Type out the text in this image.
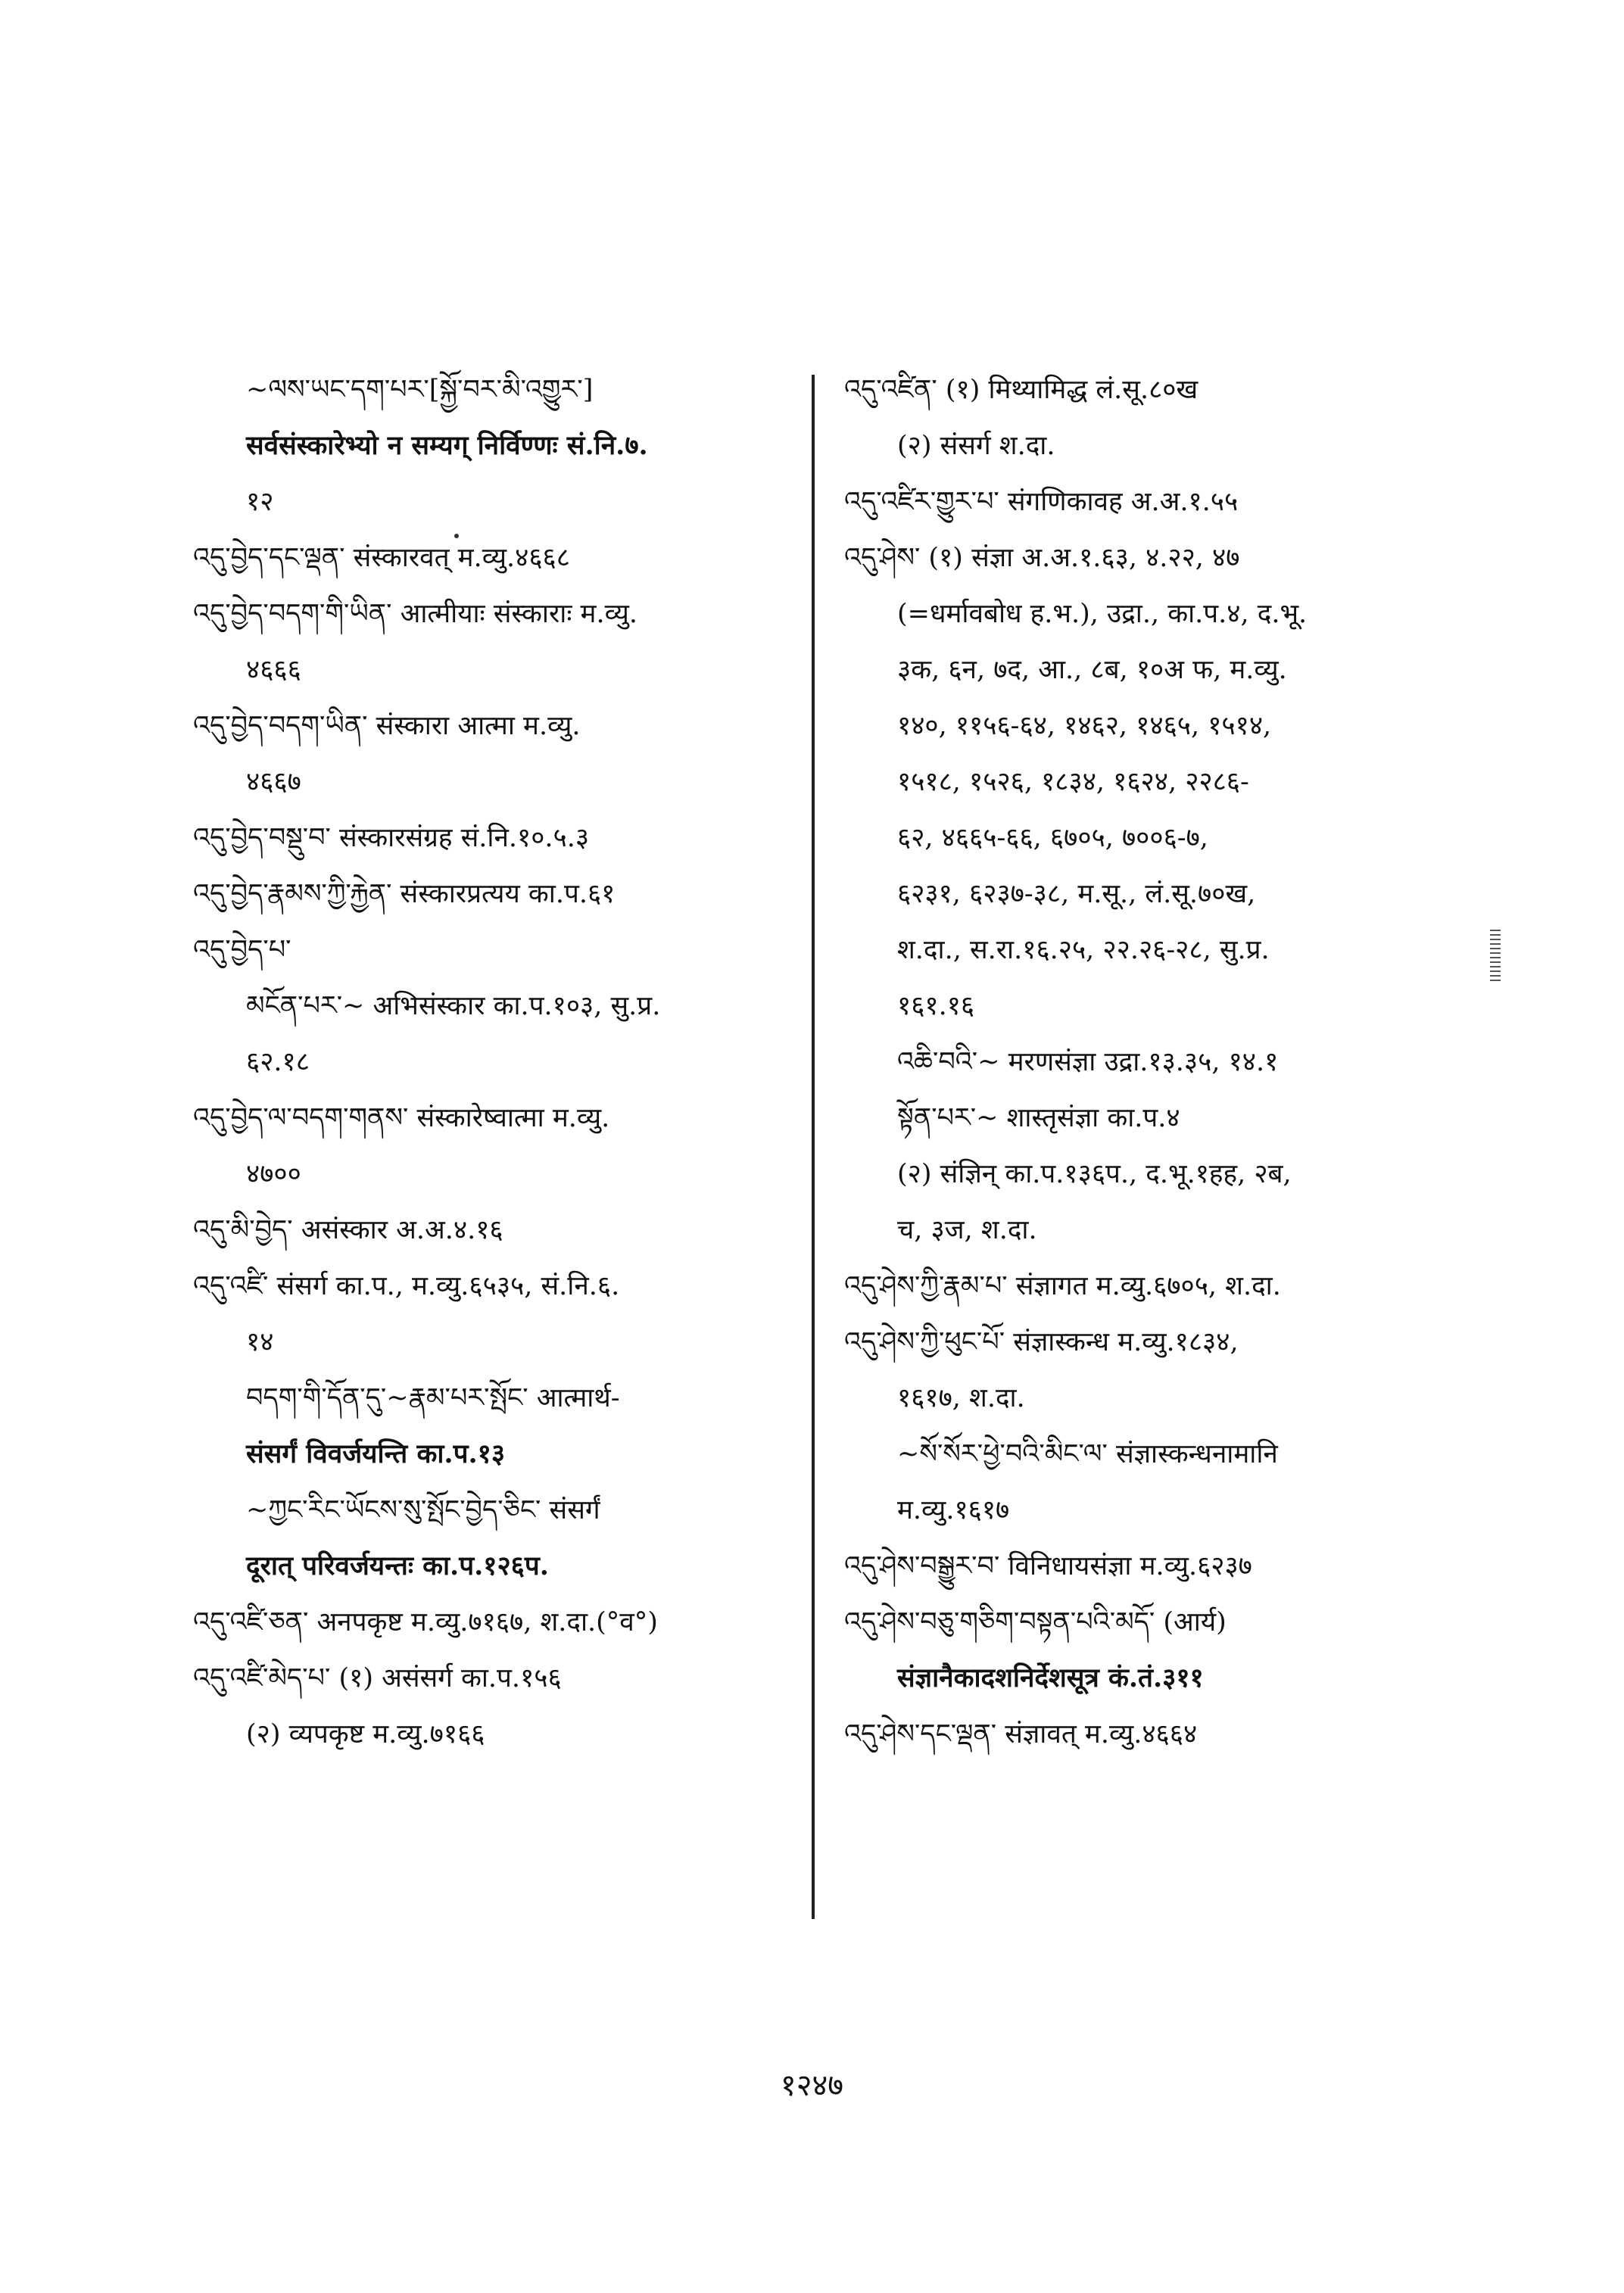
~ལས་ཡང་དག་པར་[སྐྱོ་བར་མི་འགྱུར་]
सर्वसंस्कारेभ्यो न सम्यग् निर्विण्णः सं.नि.७.
१२
འདུ་བྱེད་དང་ལྡན་ संस्कारवत् म.व्यु.४६६८
འདུ་བྱེད་བདག་གི་ཡིན་ आत्मीयाः संस्काराः म.व्यु.
४६६६
འདུ་བྱེད་བདག་ཡིན་ संस्कारा आत्मा म.व्यु.
४६६७
འདུ་བྱེད་བསྡུ་བ་ संस्कारसंग्रह सं.नि.१०.५.३
འདུ་བྱེད་རྣམས་ཀྱི་རྐྱེན་ संस्कारप्रत्यय का.प.६१
འདུ་བྱེད་པ་
མངོན་པར་~ अभिसंस्कार का.प.१०३, सु.प्र.
६२.१८
འདུ་བྱེད་ལ་བདག་གནས་ संस्कारेष्वात्मा म.व्यु.
४७००
འདུ་མི་བྱེད་ असंस्कार अ.अ.४.१६
འདུ་འཛི་ संसर्ग का.प., म.व्यु.६५३५, सं.नि.६.
१४
བདག་གི་དོན་དུ་~རྣམ་པར་སྤོང་ आत्मार्थ-
संसर्गं विवर्जयन्ति का.प.१३
~ཀྱང་རིང་ཡོངས་སུ་སྤོང་བྱེད་ཅིང་ संसर्गं
दूरात् परिवर्जयन्तः का.प.१२६प.
འདུ་འཛི་ཅན་ अनपकृष्ट म.व्यु.७१६७, श.दा.(°व°)
འདུ་འཛི་མེད་པ་ (१) असंसर्ग का.प.१५६
(२) व्यपकृष्ट म.व्यु.७१६६
འདུ་འཛིན་ (१) मिथ्यामिद्ध लं.सू.८०ख
(२) संसर्ग श.दा.
འདུ་འཛིར་གྱུར་པ་ संगणिकावह अ.अ.१.५५
འདུ་ཤེས་ (१) संज्ञा अ.अ.१.६३, ४.२२, ४७
(=धर्मावबोध ह.भ.), उद्रा., का.प.४, द.भू.
३क, ६न, ७द, आ., ८ब, १०अ फ, म.व्यु.
१४०, ११५६-६४, १४६२, १४६५, १५१४,
१५१८, १५२६, १८३४, १६२४, २२८६-
६२, ४६६५-६६, ६७०५, ७००६-७,
६२३१, ६२३७-३८, म.सू., लं.सू.७०ख,
श.दा., स.रा.१६.२५, २२.२६-२८, सु.प्र.
१६१.१६
འཆི་བའི་~ मरणसंज्ञा उद्रा.१३.३५, १४.१
སྟོན་པར་~ शास्तृसंज्ञा का.प.४
(२) संज्ञिन् का.प.१३६प., द.भू.१हह, २ब,
च, ३ज, श.दा.
འདུ་ཤེས་ཀྱི་རྣམ་པ་ संज्ञागत म.व्यु.६७०५, श.दा.
འདུ་ཤེས་ཀྱི་ཕུང་པོ་ संज्ञास्कन्ध म.व्यु.१८३४,
१६१७, श.दा.
~སོ་སོར་ཕྱེ་བའི་མིང་ལ་ संज्ञास्कन्धनामानि
म.व्यु.१६१७
འདུ་ཤེས་བསྒྱུར་བ་ विनिधायसंज्ञा म.व्यु.६२३७
འདུ་ཤེས་བཅུ་གཅིག་བསྟན་པའི་མདོ་ (आर्य)
संज्ञानैकादशनिर्देशसूत्र कं.तं.३११
འདུ་ཤེས་དང་ལྡན་ संज्ञावत् म.व्यु.४६६४
१२४७
